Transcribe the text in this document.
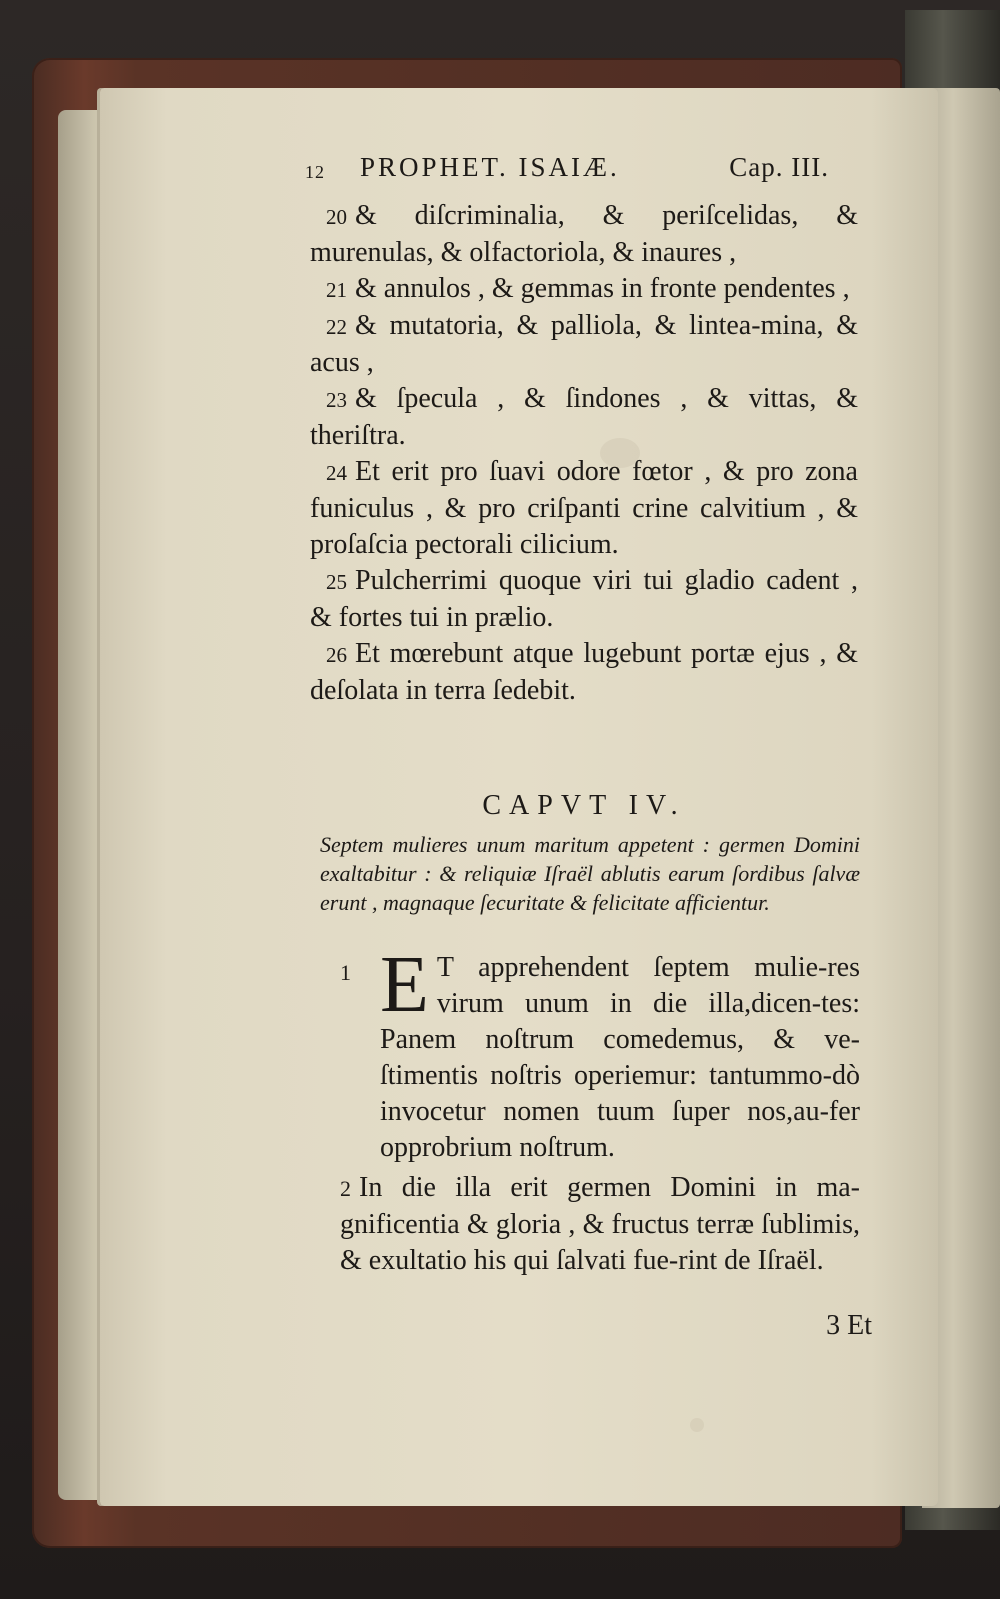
12 PROPHET. ISAIÆ.	Cap. III.
20 & diſcriminalia, & periſcelidas, & murenulas, & olfactoriola, & inaures ,
21 & annulos , & gemmas in fronte pendentes ,
22 & mutatoria, & palliola, & lintea-mina, & acus ,
23 & ſpecula , & ſindones , & vittas, & theriſtra.
24 Et erit pro ſuavi odore fœtor , & pro zona funiculus , & pro criſpanti crine calvitium , & proſaſcia pectorali cilicium.
25 Pulcherrimi quoque viri tui gladio cadent , & fortes tui in prælio.
26 Et mœrebunt atque lugebunt portæ ejus , & deſolata in terra ſedebit.
CAPVT IV.
Septem mulieres unum maritum appetent : germen Domini exaltabitur : & reliquiæ Iſraël ablutis earum ſordibus ſalvæ erunt , magnaque ſecuritate & felicitate afficientur.
1 E T apprehendent ſeptem mulie-res virum unum in die illa,dicen-tes: Panem noſtrum comedemus, & ve-ſtimentis noſtris operiemur: tantummo-dò invocetur nomen tuum ſuper nos,au-fer opprobrium noſtrum.
2 In die illa erit germen Domini in ma-gnificentia & gloria , & fructus terræ ſublimis, & exultatio his qui ſalvati fue-rint de Iſraël.
3 Et
